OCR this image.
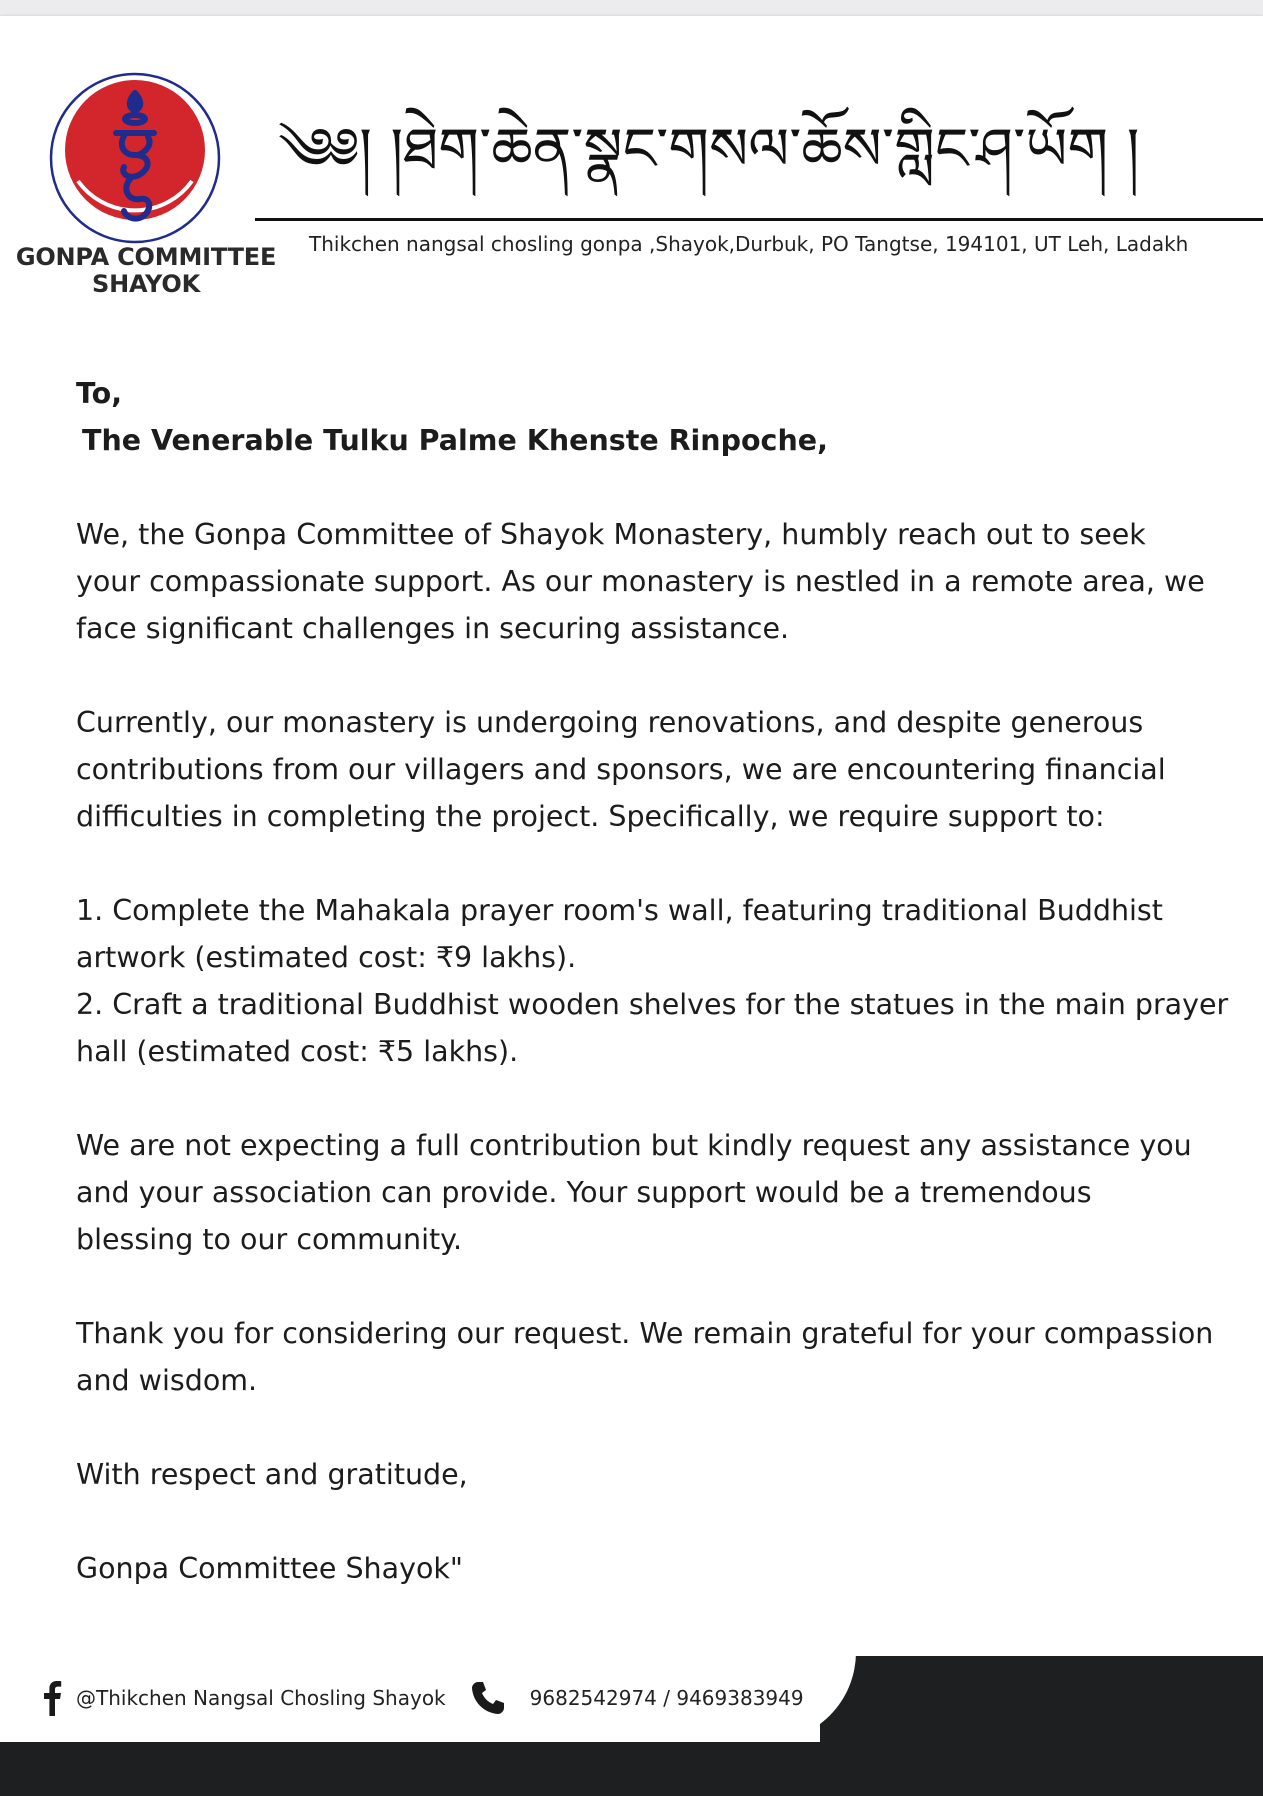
GONPA COMMITTEE
SHAYOK
༄༅། །ཐེག་ཆེན་སྣང་གསལ་ཆོས་གླིང་ཤ་ཡོག །
Thikchen nangsal chosling gonpa ,Shayok,Durbuk, PO Tangtse, 194101, UT Leh, Ladakh

To,

The Venerable Tulku Palme Khenste Rinpoche,

We, the Gonpa Committee of Shayok Monastery, humbly reach out to seek
your compassionate support. As our monastery is nestled in a remote area, we
face significant challenges in securing assistance.

Currently, our monastery is undergoing renovations, and despite generous
contributions from our villagers and sponsors, we are encountering financial
difficulties in completing the project. Specifically, we require support to:

1. Complete the Mahakala prayer room's wall, featuring traditional Buddhist
artwork (estimated cost: ₹9 lakhs).

2. Craft a traditional Buddhist wooden shelves for the statues in the main prayer
hall (estimated cost: ₹5 lakhs).

We are not expecting a full contribution but kindly request any assistance you
and your association can provide. Your support would be a tremendous
blessing to our community.

Thank you for considering our request. We remain grateful for your compassion
and wisdom.

With respect and gratitude,

Gonpa Committee Shayok"

@Thikchen Nangsal Chosling Shayok	9682542974 / 9469383949
